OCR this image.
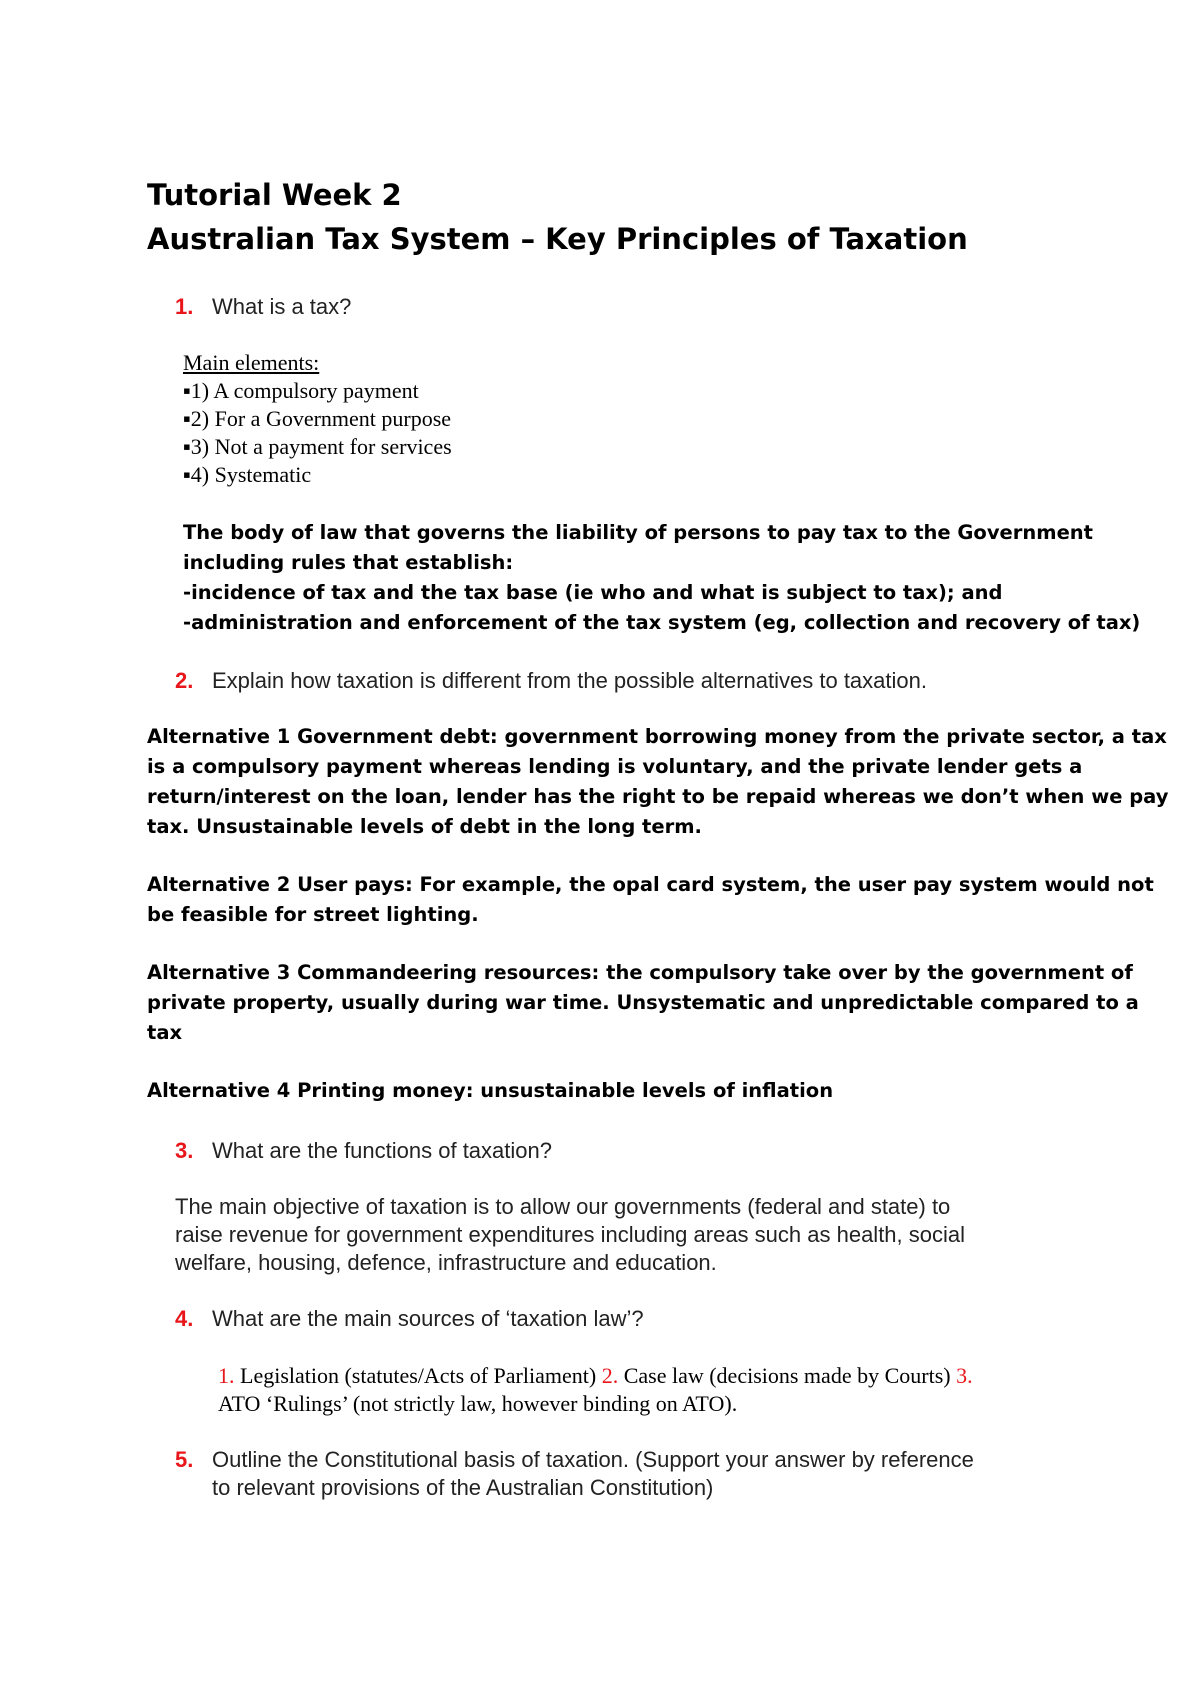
Tutorial Week 2
Australian Tax System – Key Principles of Taxation
1. What is a tax?
Main elements:
▪1) A compulsory payment
▪2) For a Government purpose
▪3) Not a payment for services
▪4) Systematic
The body of law that governs the liability of persons to pay tax to the Government
including rules that establish:
-incidence of tax and the tax base (ie who and what is subject to tax); and
-administration and enforcement of the tax system (eg, collection and recovery of tax)
2. Explain how taxation is different from the possible alternatives to taxation.
Alternative 1 Government debt: government borrowing money from the private sector, a tax
is a compulsory payment whereas lending is voluntary, and the private lender gets a
return/interest on the loan, lender has the right to be repaid whereas we don’t when we pay
tax. Unsustainable levels of debt in the long term.
Alternative 2 User pays: For example, the opal card system, the user pay system would not
be feasible for street lighting.
Alternative 3 Commandeering resources: the compulsory take over by the government of
private property, usually during war time. Unsystematic and unpredictable compared to a
tax
Alternative 4 Printing money: unsustainable levels of inflation
3. What are the functions of taxation?
The main objective of taxation is to allow our governments (federal and state) to
raise revenue for government expenditures including areas such as health, social
welfare, housing, defence, infrastructure and education.
4. What are the main sources of ‘taxation law’?
1. Legislation (statutes/Acts of Parliament) 2. Case law (decisions made by Courts) 3.
ATO ‘Rulings’ (not strictly law, however binding on ATO).
5. Outline the Constitutional basis of taxation. (Support your answer by reference
to relevant provisions of the Australian Constitution)
